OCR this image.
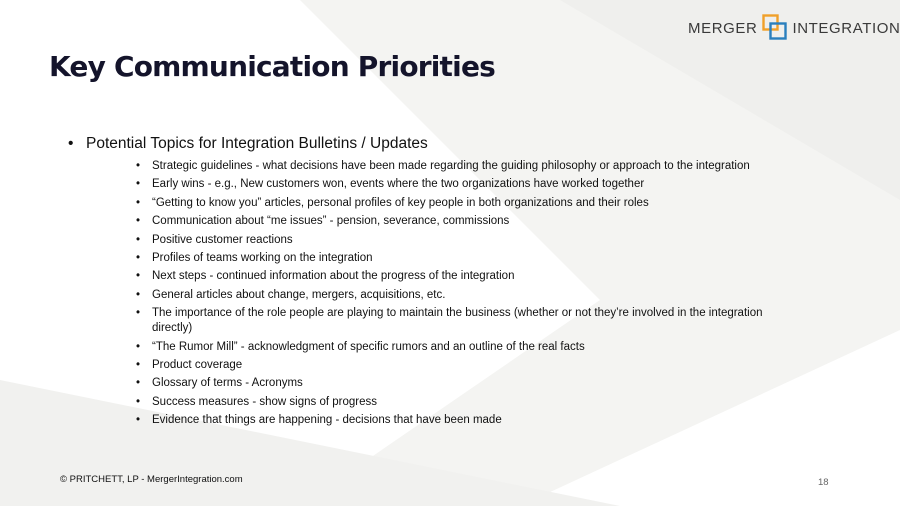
MERGER INTEGRATION
Key Communication Priorities
• Potential Topics for Integration Bulletins / Updates
•	Strategic guidelines - what decisions have been made regarding the guiding philosophy or approach to the integration
•	Early wins - e.g., New customers won, events where the two organizations have worked together
•	“Getting to know you” articles, personal profiles of key people in both organizations and their roles
•	Communication about “me issues” - pension, severance, commissions
•	Positive customer reactions
•	Profiles of teams working on the integration
•	Next steps - continued information about the progress of the integration
•	General articles about change, mergers, acquisitions, etc.
•	The importance of the role people are playing to maintain the business (whether or not they’re involved in the integration directly)
•	“The Rumor Mill” - acknowledgment of specific rumors and an outline of the real facts
•	Product coverage
•	Glossary of terms - Acronyms
•	Success measures - show signs of progress
•	Evidence that things are happening - decisions that have been made
© PRITCHETT, LP - MergerIntegration.com	18
